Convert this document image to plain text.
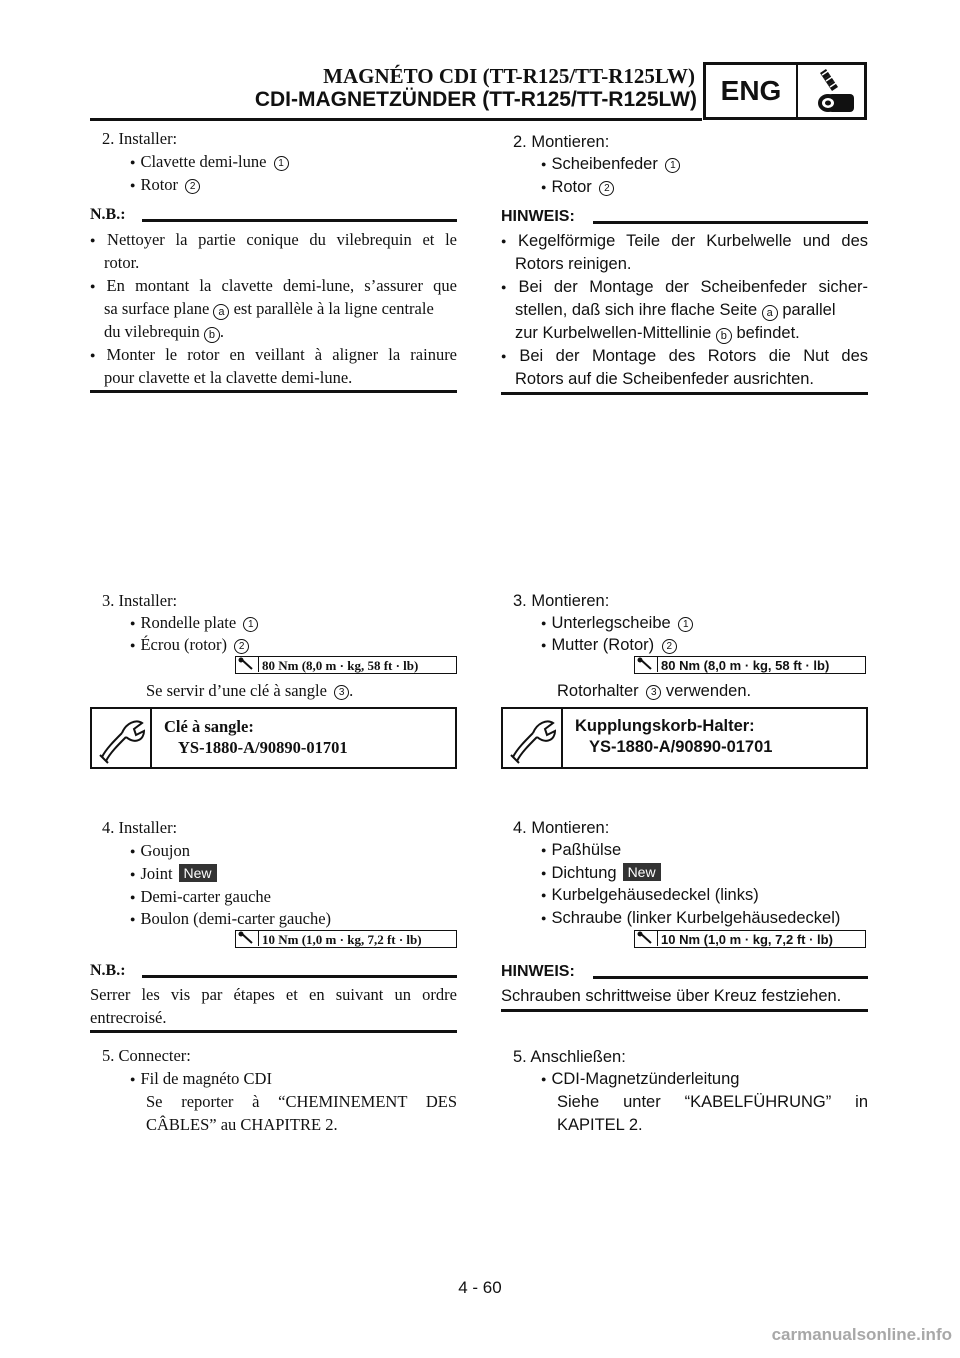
MAGNÉTO CDI (TT-R125/TT-R125LW)
CDI-MAGNETZÜNDER (TT-R125/TT-R125LW) ENG
2. Installer:
● Clavette demi-lune 1
● Rotor 2
N.B.:
● Nettoyer la partie conique du vilebrequin et le
rotor.
● En montant la clavette demi-lune, s’assurer que
sa surface plane a est parallèle à la ligne centrale
du vilebrequin b .
● Monter le rotor en veillant à aligner la rainure
pour clavette et la clavette demi-lune.
3. Installer:
● Rondelle plate 1
● Écrou (rotor) 2
80 Nm (8,0 m · kg, 58 ft · lb)
Se servir d’une clé à sangle 3 .
Clé à sangle:
YS-1880-A/90890-01701
4. Installer:
● Goujon
● Joint New
● Demi-carter gauche
● Boulon (demi-carter gauche)
10 Nm (1,0 m · kg, 7,2 ft · lb)
N.B.:
Serrer les vis par étapes et en suivant un ordre
entrecroisé.
5. Connecter:
● Fil de magnéto CDI
Se reporter à “CHEMINEMENT DES
CÂBLES” au CHAPITRE 2.
2. Montieren:
● Scheibenfeder 1
● Rotor 2
HINWEIS:
● Kegelförmige Teile der Kurbelwelle und des
Rotors reinigen.
● Bei der Montage der Scheibenfeder sicher-
stellen, daß sich ihre flache Seite a parallel
zur Kurbelwellen-Mittellinie b befindet.
● Bei der Montage des Rotors die Nut des
Rotors auf die Scheibenfeder ausrichten.
3. Montieren:
● Unterlegscheibe 1
● Mutter (Rotor) 2
80 Nm (8,0 m · kg, 58 ft · lb)
Rotorhalter 3 verwenden.
Kupplungskorb-Halter:
YS-1880-A/90890-01701
4. Montieren:
● Paßhülse
● Dichtung New
● Kurbelgehäusedeckel (links)
● Schraube (linker Kurbelgehäusedeckel)
10 Nm (1,0 m · kg, 7,2 ft · lb)
HINWEIS:
Schrauben schrittweise über Kreuz festziehen.
5. Anschließen:
● CDI-Magnetzünderleitung
Siehe unter “KABELFÜHRUNG” in
KAPITEL 2.
4 - 60
carmanualsonline.info
